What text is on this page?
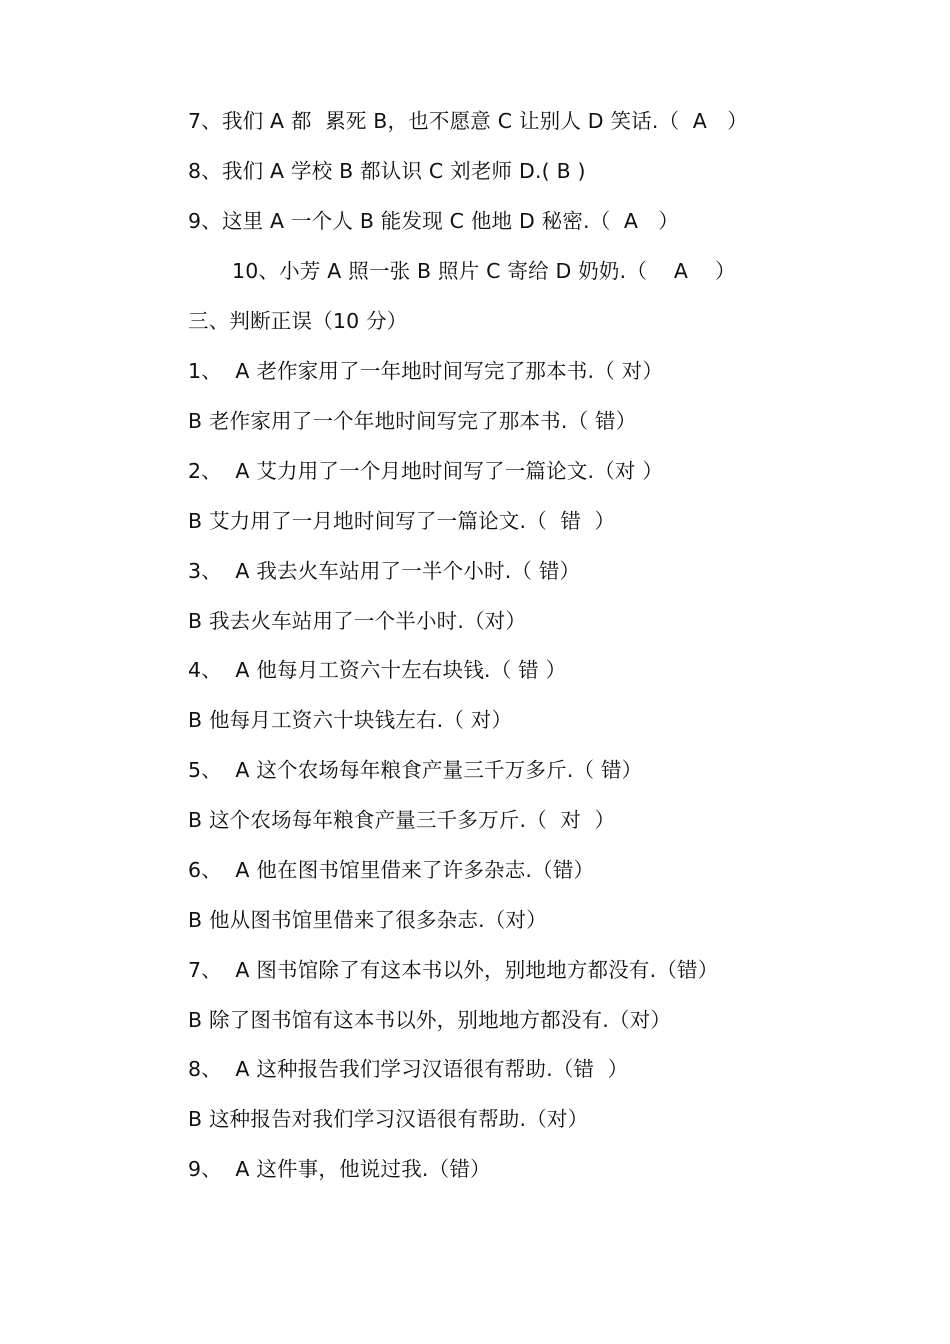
7、我们 A 都  累死 B，也不愿意 C 让别人 D 笑话.（  A   ）
8、我们 A 学校 B 都认识 C 刘老师 D.( B )
9、这里 A 一个人 B 能发现 C 他地 D 秘密.（  A   ）
10、小芳 A 照一张 B 照片 C 寄给 D 奶奶.（    A    ）
三、判断正误（10 分）
1、  A 老作家用了一年地时间写完了那本书.（ 对）
B 老作家用了一个年地时间写完了那本书.（ 错）
2、  A 艾力用了一个月地时间写了一篇论文.（对 ）
B 艾力用了一月地时间写了一篇论文.（  错  ）
3、  A 我去火车站用了一半个小时.（ 错）
B 我去火车站用了一个半小时.（对）
4、  A 他每月工资六十左右块钱.（ 错 ）
B 他每月工资六十块钱左右.（ 对）
5、  A 这个农场每年粮食产量三千万多斤.（ 错）
B 这个农场每年粮食产量三千多万斤.（  对  ）
6、  A 他在图书馆里借来了许多杂志.（错）
B 他从图书馆里借来了很多杂志.（对）
7、  A 图书馆除了有这本书以外，别地地方都没有.（错）
B 除了图书馆有这本书以外，别地地方都没有.（对）
8、  A 这种报告我们学习汉语很有帮助.（错  ）
B 这种报告对我们学习汉语很有帮助.（对）
9、  A 这件事，他说过我.（错）
